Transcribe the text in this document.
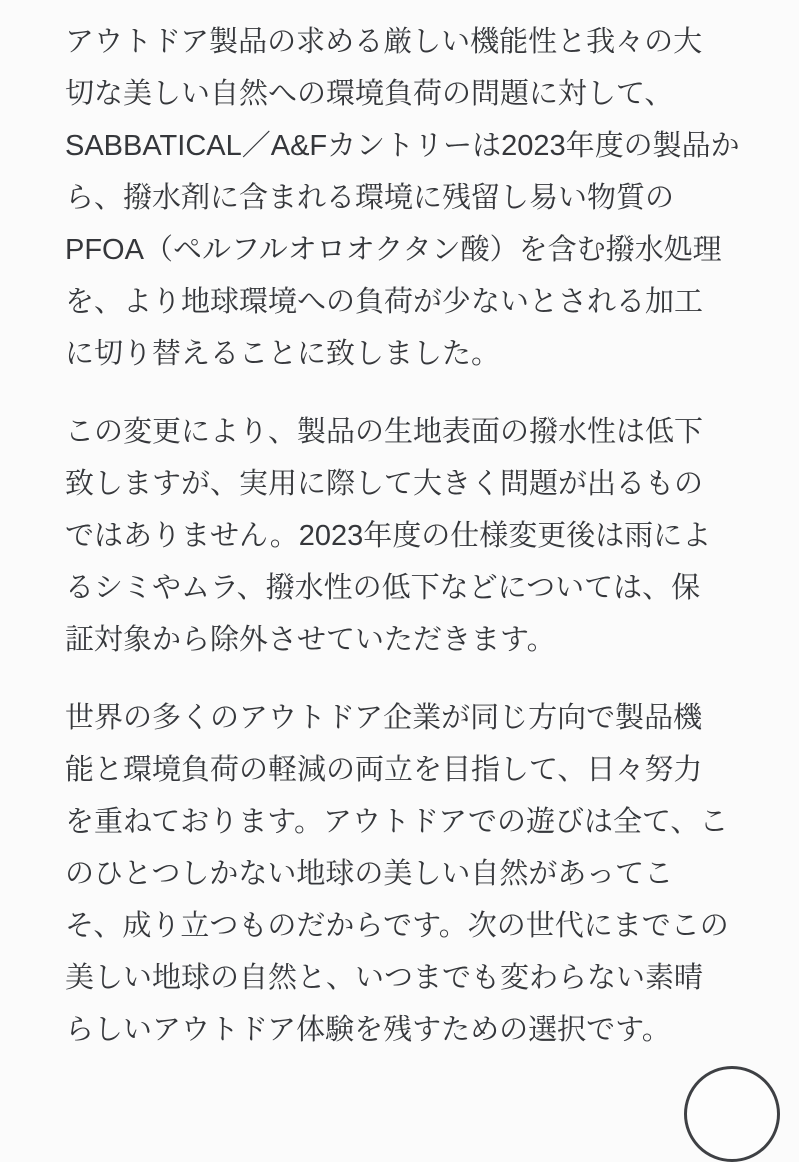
アウトドア製品の求める厳しい機能性と我々の大
切な美しい自然への環境負荷の問題に対して、
SABBATICAL／A&Fカントリーは2023年度の製品か
ら、撥水剤に含まれる環境に残留し易い物質の
PFOA（ペルフルオロオクタン酸）を含む撥水処理
を、より地球環境への負荷が少ないとされる加工
に切り替えることに致しました。
この変更により、製品の生地表面の撥水性は低下
致しますが、実用に際して大きく問題が出るもの
ではありません。2023年度の仕様変更後は雨によ
るシミやムラ、撥水性の低下などについては、保
証対象から除外させていただきます。
世界の多くのアウトドア企業が同じ方向で製品機
能と環境負荷の軽減の両立を目指して、日々努力
を重ねております。アウトドアでの遊びは全て、こ
のひとつしかない地球の美しい自然があってこ
そ、成り立つものだからです。次の世代にまでこの
美しい地球の自然と、いつまでも変わらない素晴
らしいアウトドア体験を残すための選択です。
